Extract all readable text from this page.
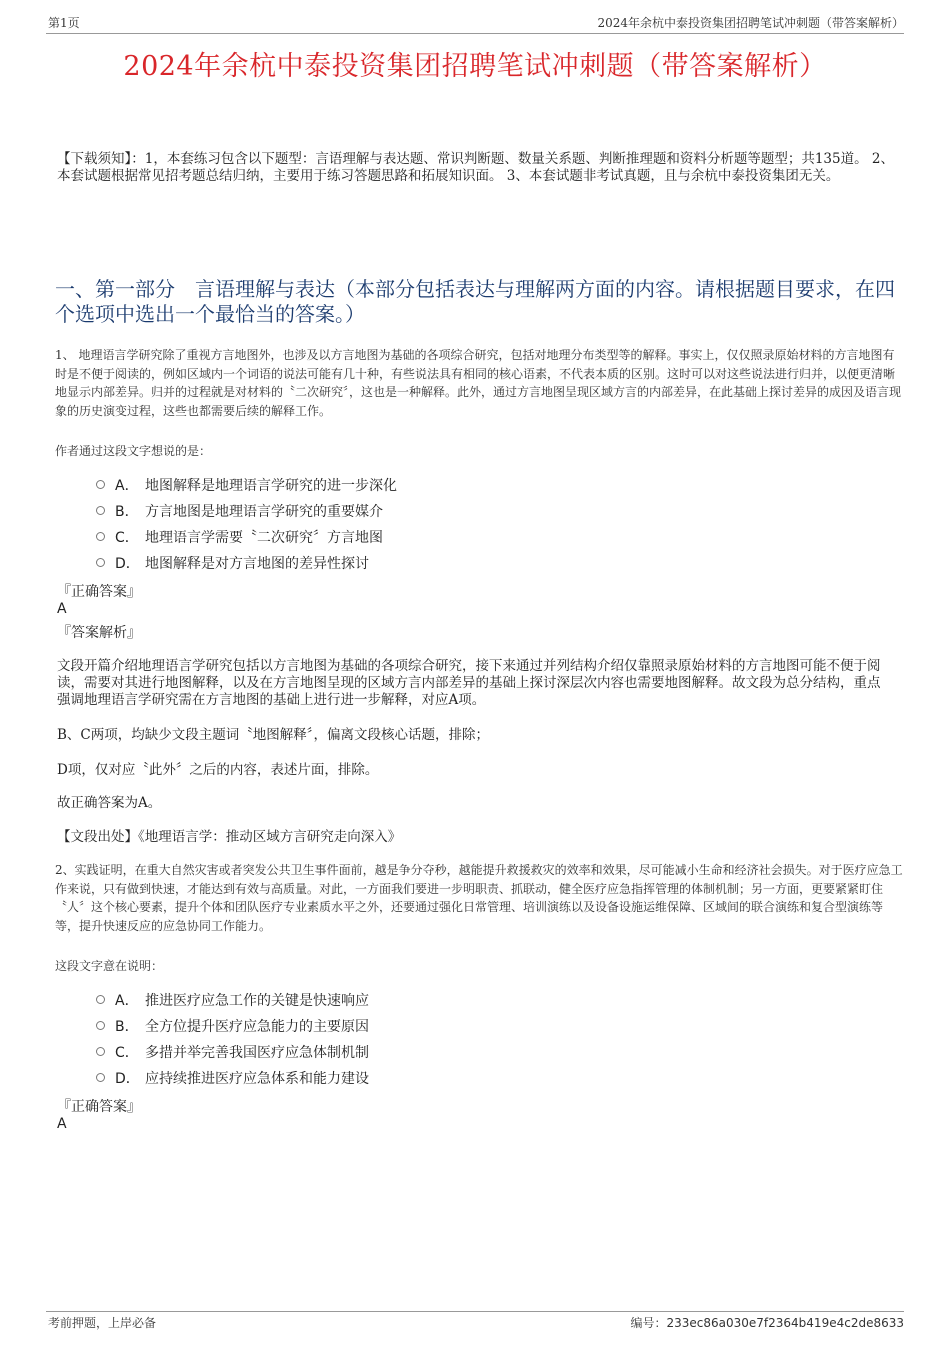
第1页	2024年余杭中泰投资集团招聘笔试冲刺题（带答案解析）
2024年余杭中泰投资集团招聘笔试冲刺题（带答案解析）
【下载须知】：1，本套练习包含以下题型：言语理解与表达题、常识判断题、数量关系题、判断推理题和资料分析题等题型；共135道。 2、本套试题根据常见招考题总结归纳，主要用于练习答题思路和拓展知识面。 3、本套试题非考试真题，且与余杭中泰投资集团无关。
一、第一部分　言语理解与表达（本部分包括表达与理解两方面的内容。请根据题目要求，在四个选项中选出一个最恰当的答案。）
1、 地理语言学研究除了重视方言地图外，也涉及以方言地图为基础的各项综合研究，包括对地理分布类型等的解释。事实上，仅仅照录原始材料的方言地图有时是不便于阅读的，例如区域内一个词语的说法可能有几十种，有些说法具有相同的核心语素，不代表本质的区别。这时可以对这些说法进行归并，以便更清晰地显示内部差异。归并的过程就是对材料的〝二次研究〞，这也是一种解释。此外，通过方言地图呈现区域方言的内部差异，在此基础上探讨差异的成因及语言现象的历史演变过程，这些也都需要后续的解释工作。
作者通过这段文字想说的是：
A． 地图解释是地理语言学研究的进一步深化
B． 方言地图是地理语言学研究的重要媒介
C． 地理语言学需要〝二次研究〞方言地图
D． 地图解释是对方言地图的差异性探讨
『正确答案』
A
『答案解析』
文段开篇介绍地理语言学研究包括以方言地图为基础的各项综合研究，接下来通过并列结构介绍仅靠照录原始材料的方言地图可能不便于阅读，需要对其进行地图解释，以及在方言地图呈现的区域方言内部差异的基础上探讨深层次内容也需要地图解释。故文段为总分结构，重点强调地理语言学研究需在方言地图的基础上进行进一步解释，对应A项。
B、C两项，均缺少文段主题词〝地图解释〞，偏离文段核心话题，排除；
D项，仅对应〝此外〞之后的内容，表述片面，排除。
故正确答案为A。
【文段出处】《地理语言学：推动区域方言研究走向深入》
2、实践证明，在重大自然灾害或者突发公共卫生事件面前，越是争分夺秒，越能提升救援救灾的效率和效果，尽可能减小生命和经济社会损失。对于医疗应急工作来说，只有做到快速，才能达到有效与高质量。对此，一方面我们要进一步明职责、抓联动，健全医疗应急指挥管理的体制机制；另一方面，更要紧紧盯住〝人〞这个核心要素，提升个体和团队医疗专业素质水平之外，还要通过强化日常管理、培训演练以及设备设施运维保障、区域间的联合演练和复合型演练等等，提升快速反应的应急协同工作能力。
这段文字意在说明：
A． 推进医疗应急工作的关键是快速响应
B． 全方位提升医疗应急能力的主要原因
C． 多措并举完善我国医疗应急体制机制
D． 应持续推进医疗应急体系和能力建设
『正确答案』
A
考前押题，上岸必备	编号：233ec86a030e7f2364b419e4c2de8633
